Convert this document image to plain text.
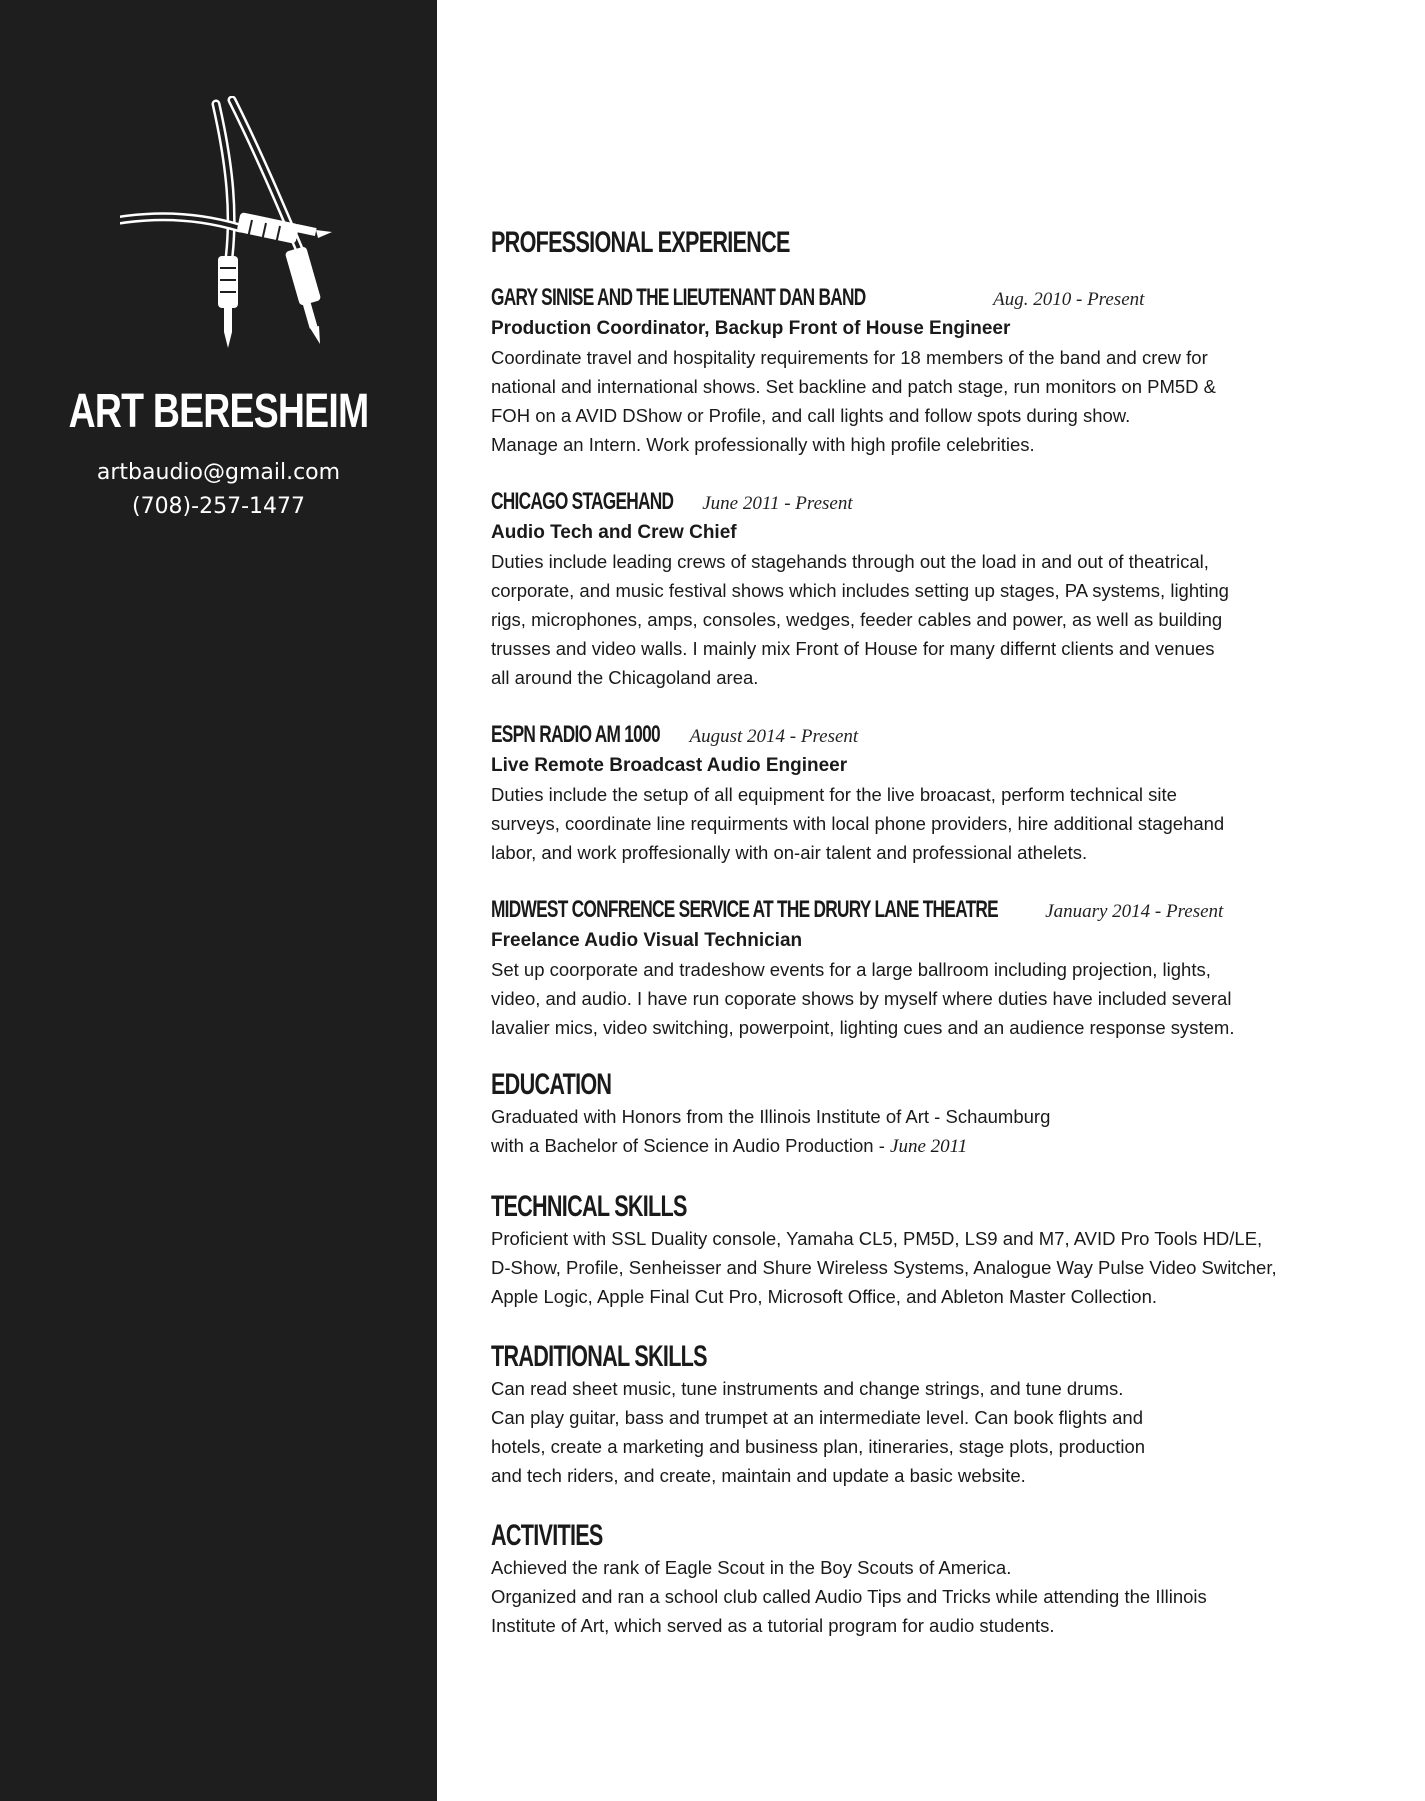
ART BERESHEIM
artbaudio@gmail.com
(708)-257-1477
PROFESSIONAL EXPERIENCE
GARY SINISE AND THE LIEUTENANT DAN BAND	Aug. 2010 - Present
Production Coordinator, Backup Front of House Engineer
Coordinate travel and hospitality requirements for 18 members of the band and crew for
national and international shows. Set backline and patch stage, run monitors on PM5D &
FOH on a AVID DShow or Profile, and call lights and follow spots during show.
Manage an Intern. Work professionally with high profile celebrities.
CHICAGO STAGEHAND June 2011 - Present
Audio Tech and Crew Chief
Duties include leading crews of stagehands through out the load in and out of theatrical,
corporate, and music festival shows which includes setting up stages, PA systems, lighting
rigs, microphones, amps, consoles, wedges, feeder cables and power, as well as building
trusses and video walls. I mainly mix Front of House for many differnt clients and venues
all around the Chicagoland area.
ESPN RADIO AM 1000 August 2014 - Present
Live Remote Broadcast Audio Engineer
Duties include the setup of all equipment for the live broacast, perform technical site
surveys, coordinate line requirments with local phone providers, hire additional stagehand
labor, and work proffesionally with on-air talent and professional athelets.
MIDWEST CONFRENCE SERVICE AT THE DRURY LANE THEATRE January 2014 - Present
Freelance Audio Visual Technician
Set up coorporate and tradeshow events for a large ballroom including projection, lights,
video, and audio. I have run coporate shows by myself where duties have included several
lavalier mics, video switching, powerpoint, lighting cues and an audience response system.
EDUCATION
Graduated with Honors from the Illinois Institute of Art - Schaumburg
with a Bachelor of Science in Audio Production - June 2011
TECHNICAL SKILLS
Proficient with SSL Duality console, Yamaha CL5, PM5D, LS9 and M7, AVID Pro Tools HD/LE,
D-Show, Profile, Senheisser and Shure Wireless Systems, Analogue Way Pulse Video Switcher,
Apple Logic, Apple Final Cut Pro, Microsoft Office, and Ableton Master Collection.
TRADITIONAL SKILLS
Can read sheet music, tune instruments and change strings, and tune drums.
Can play guitar, bass and trumpet at an intermediate level. Can book flights and
hotels, create a marketing and business plan, itineraries, stage plots, production
and tech riders, and create, maintain and update a basic website.
ACTIVITIES
Achieved the rank of Eagle Scout in the Boy Scouts of America.
Organized and ran a school club called Audio Tips and Tricks while attending the Illinois
Institute of Art, which served as a tutorial program for audio students.
